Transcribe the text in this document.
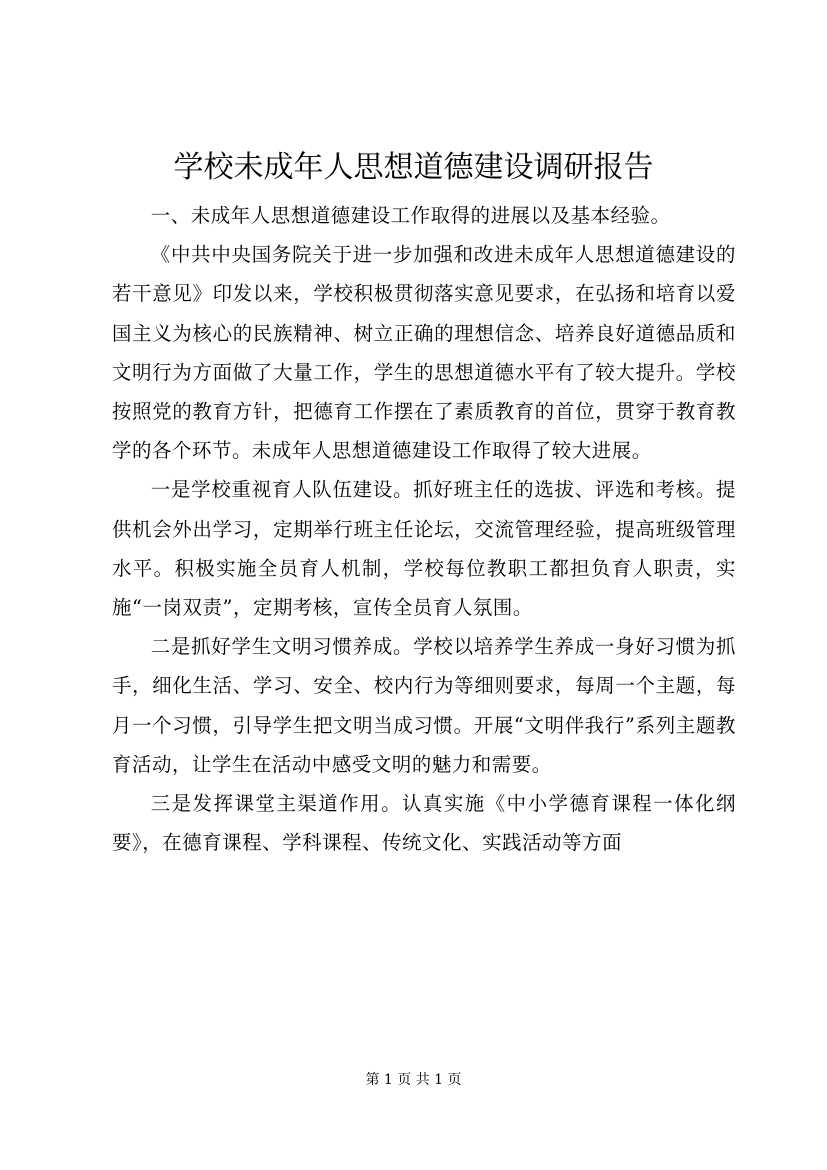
学校未成年人思想道德建设调研报告

一、未成年人思想道德建设工作取得的进展以及基本经验。

《中共中央国务院关于进一步加强和改进未成年人思想道德建设的若干意见》印发以来，学校积极贯彻落实意见要求，在弘扬和培育以爱国主义为核心的民族精神、树立正确的理想信念、培养良好道德品质和文明行为方面做了大量工作，学生的思想道德水平有了较大提升。学校按照党的教育方针，把德育工作摆在了素质教育的首位，贯穿于教育教学的各个环节。未成年人思想道德建设工作取得了较大进展。

一是学校重视育人队伍建设。抓好班主任的选拔、评选和考核。提供机会外出学习，定期举行班主任论坛，交流管理经验，提高班级管理水平。积极实施全员育人机制，学校每位教职工都担负育人职责，实施“一岗双责”，定期考核，宣传全员育人氛围。

二是抓好学生文明习惯养成。学校以培养学生养成一身好习惯为抓手，细化生活、学习、安全、校内行为等细则要求，每周一个主题，每月一个习惯，引导学生把文明当成习惯。开展“文明伴我行”系列主题教育活动，让学生在活动中感受文明的魅力和需要。

三是发挥课堂主渠道作用。认真实施《中小学德育课程一体化纲要》，在德育课程、学科课程、传统文化、实践活动等方面

第 1 页 共 1 页
